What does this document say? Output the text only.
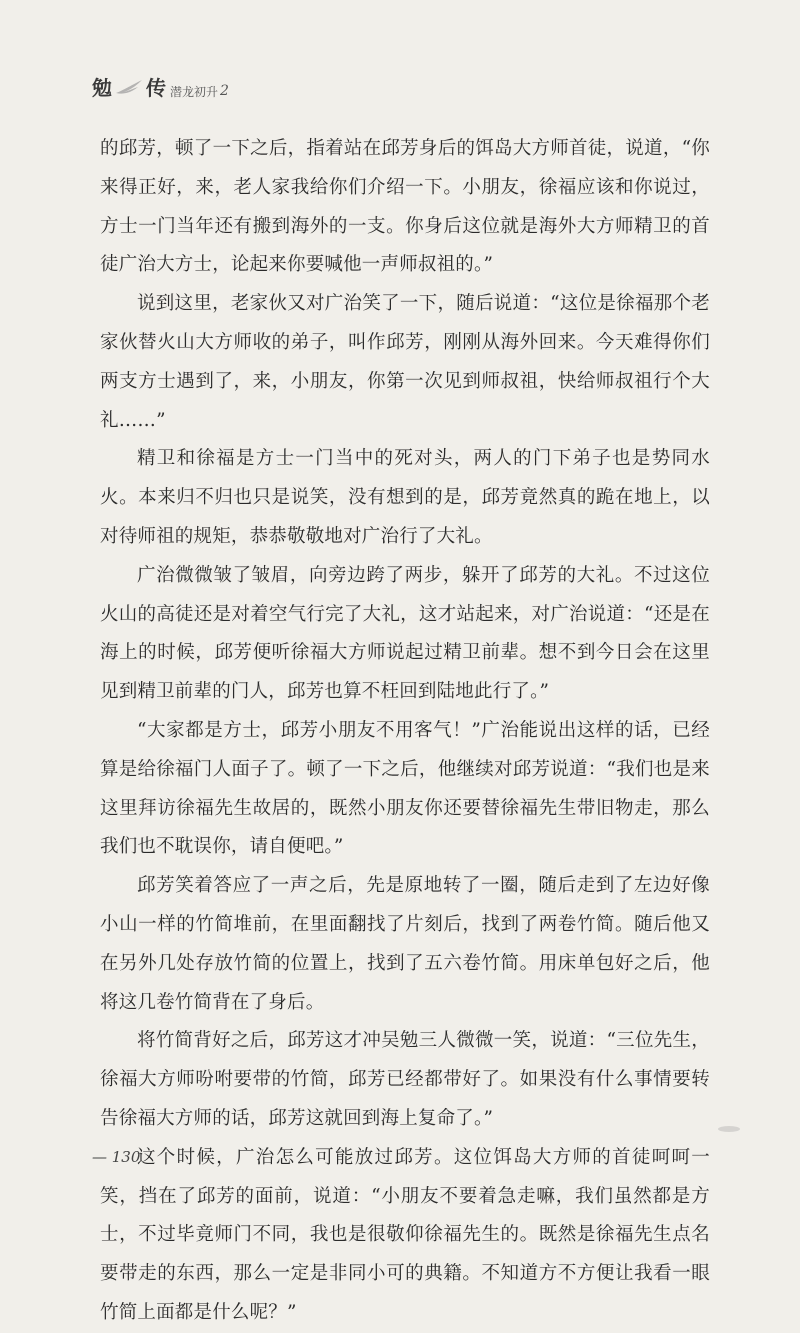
勉 传 潜龙初升 2

的邱芳，顿了一下之后，指着站在邱芳身后的饵岛大方师首徒，说道，“你来得正好，来，老人家我给你们介绍一下。小朋友，徐福应该和你说过，方士一门当年还有搬到海外的一支。你身后这位就是海外大方师精卫的首徒广治大方士，论起来你要喊他一声师叔祖的。”

说到这里，老家伙又对广治笑了一下，随后说道：“这位是徐福那个老家伙替火山大方师收的弟子，叫作邱芳，刚刚从海外回来。今天难得你们两支方士遇到了，来，小朋友，你第一次见到师叔祖，快给师叔祖行个大礼……”

精卫和徐福是方士一门当中的死对头，两人的门下弟子也是势同水火。本来归不归也只是说笑，没有想到的是，邱芳竟然真的跪在地上，以对待师祖的规矩，恭恭敬敬地对广治行了大礼。

广治微微皱了皱眉，向旁边跨了两步，躲开了邱芳的大礼。不过这位火山的高徒还是对着空气行完了大礼，这才站起来，对广治说道：“还是在海上的时候，邱芳便听徐福大方师说起过精卫前辈。想不到今日会在这里见到精卫前辈的门人，邱芳也算不枉回到陆地此行了。”

“大家都是方士，邱芳小朋友不用客气！”广治能说出这样的话，已经算是给徐福门人面子了。顿了一下之后，他继续对邱芳说道：“我们也是来这里拜访徐福先生故居的，既然小朋友你还要替徐福先生带旧物走，那么我们也不耽误你，请自便吧。”

邱芳笑着答应了一声之后，先是原地转了一圈，随后走到了左边好像小山一样的竹简堆前，在里面翻找了片刻后，找到了两卷竹简。随后他又在另外几处存放竹简的位置上，找到了五六卷竹简。用床单包好之后，他将这几卷竹简背在了身后。

将竹简背好之后，邱芳这才冲吴勉三人微微一笑，说道：“三位先生，徐福大方师吩咐要带的竹简，邱芳已经都带好了。如果没有什么事情要转告徐福大方师的话，邱芳这就回到海上复命了。”

这个时候，广治怎么可能放过邱芳。这位饵岛大方师的首徒呵呵一笑，挡在了邱芳的面前，说道：“小朋友不要着急走嘛，我们虽然都是方士，不过毕竟师门不同，我也是很敬仰徐福先生的。既然是徐福先生点名要带走的东西，那么一定是非同小可的典籍。不知道方不方便让我看一眼竹简上面都是什么呢？”

— 130
